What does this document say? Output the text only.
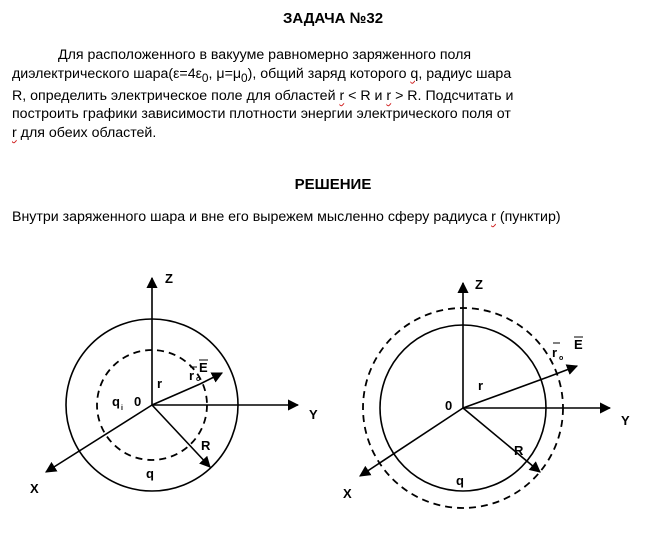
ЗАДАЧА №32
Для расположенного в вакууме равномерно заряженного поля
диэлектрического $шара(\varepsilon=4\varepsilon_0$, $\mu=\mu_0$), общий заряд которого q, радиус шара
R, определить электрическое поле для областей r < R и r > R. Подсчитать и
построить графики зависимости плотности энергии электрического поля от
r для обеих областей.
РЕШЕНИЕ
Внутри заряженного шара и вне его вырежем мысленно сферу радиуса r (пунктир)
Z
Y
X
0
r
R
q
q i
r o
E
Z
Y
X
0
r
R
q
r o
E
